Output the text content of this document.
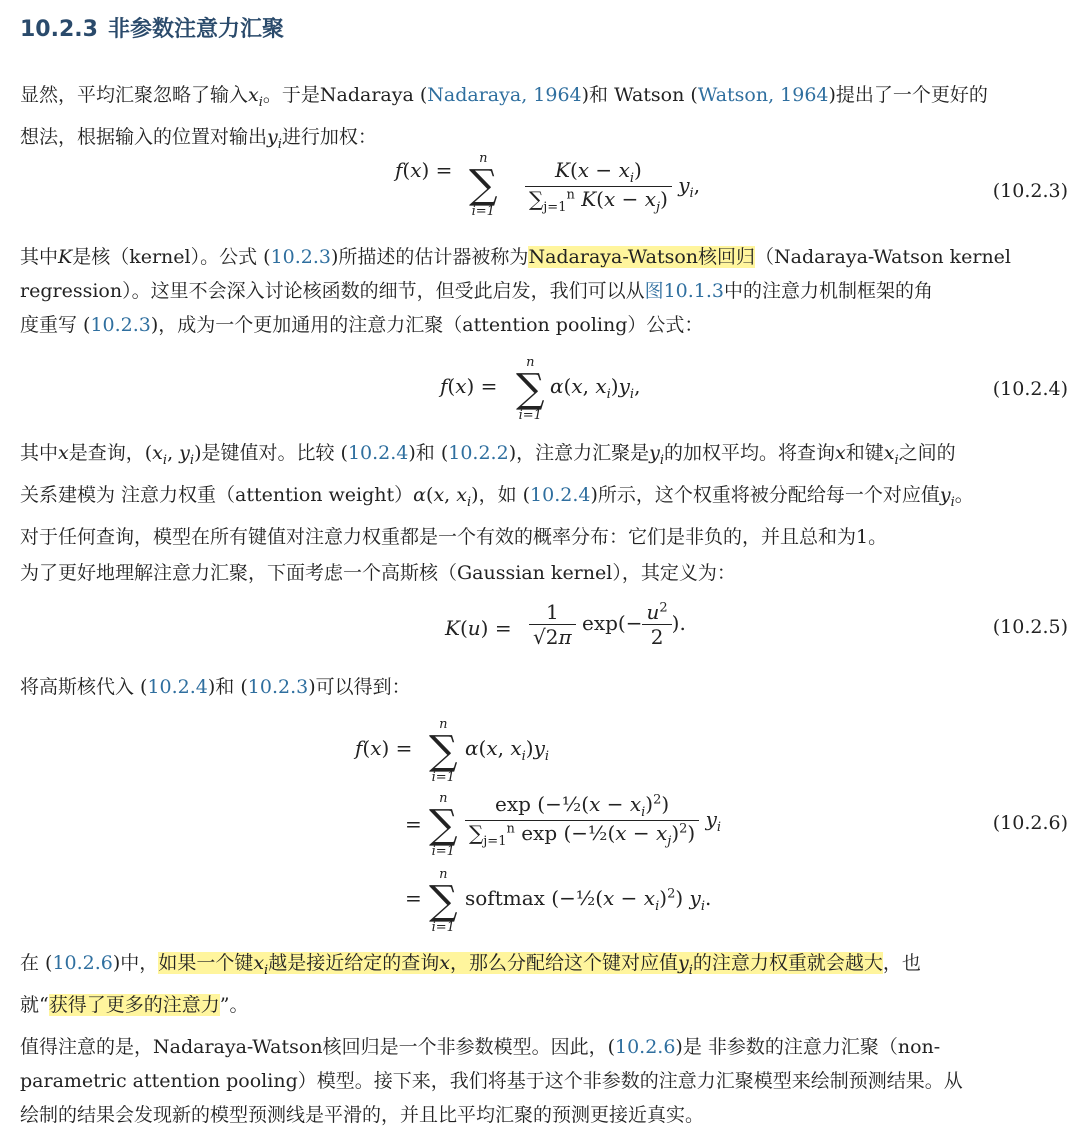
10.2.3 非参数注意力汇聚
显然，平均汇聚忽略了输入$x_i$。于是Nadaraya (Nadaraya, 1964)和 Watson (Watson, 1964)提出了一个更好的
想法，根据输入的位置对输出$y_i$进行加权：
f(x) =	n
∑
$i=1 \frac{K(x - x_i)}{\sum_{j=1}^n K(x - x_j)} y_i$,	(10.2.3)
其中K是核（kernel）。公式 (10.2.3)所描述的估计器被称为Nadaraya-Watson核回归（Nadaraya-Watson kernel
regression）。这里不会深入讨论核函数的细节，但受此启发，我们可以从图10.1.3中的注意力机制框架的角
度重写 (10.2.3)，成为一个更加通用的注意力汇聚（attention pooling）公式：
f(x) =
n
∑
i=1
α(x, $x_i)y_i$,	(10.2.4)
其中x是查询，($x_i$, $y_i$)是键值对。比较 (10.2.4)和 (10.2.2)，注意力汇聚是$y_i$的加权平均。将查询x和键$x_i$之间的
关系建模为 注意力权重（attention weight）α(x, $x_i$)，如 (10.2.4)所示，这个权重将被分配给每一个对应值$y_i$。
对于任何查询，模型在所有键值对注意力权重都是一个有效的概率分布：它们是非负的，并且总和为1。
为了更好地理解注意力汇聚，下面考虑一个高斯核（Gaussian kernel），其定义为：
$K(u) = \frac{1}{√2\pi} \exp(- \frac{u^2}{2}$ ).	(10.2.5)
将高斯核代入 (10.2.4)和 (10.2.3)可以得到：
f(x) =
n
∑
i=1
α(x, $x_i)y_i$
=
n
∑
i=1
$\frac{\exp (-\frac{1}{2}(x - x_i)^2)}{\sum_{j=1}^n \exp (-\frac{1}{2}(x - x_j)^2)} y_i$
=
n
∑
i=1
softmax (−½(x − $x_i)^2$) $y_i$.
(10.2.6)
在 (10.2.6)中，如果一个键$x_i$越是接近给定的查询x，那么分配给这个键对应值$y_i$的注意力权重就会越大，也
就“获得了更多的注意力”。
值得注意的是，Nadaraya-Watson核回归是一个非参数模型。因此，(10.2.6)是 非参数的注意力汇聚（non-
parametric attention pooling）模型。接下来，我们将基于这个非参数的注意力汇聚模型来绘制预测结果。从
绘制的结果会发现新的模型预测线是平滑的，并且比平均汇聚的预测更接近真实。
